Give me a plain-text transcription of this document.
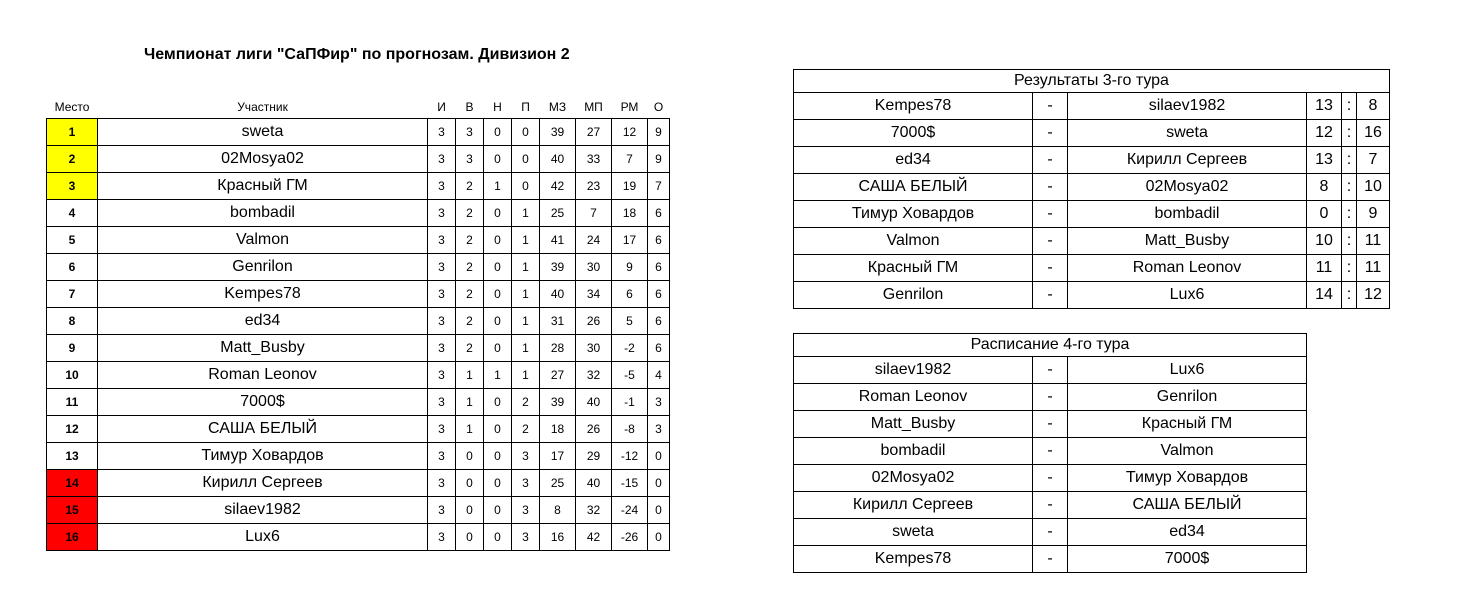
Чемпионат лиги "СаПФир" по прогнозам. Дивизион 2
Место	Участник	И	В	Н	П	МЗ	МП	РМ	О
1	sweta	3	3	0	0	39	27	12	9
2	02Mosya02	3	3	0	0	40	33	7	9
3	Красный ГМ	3	2	1	0	42	23	19	7
4	bombadil	3	2	0	1	25	7	18	6
5	Valmon	3	2	0	1	41	24	17	6
6	Genrilon	3	2	0	1	39	30	9	6
7	Kempes78	3	2	0	1	40	34	6	6
8	ed34	3	2	0	1	31	26	5	6
9	Matt_Busby	3	2	0	1	28	30	-2	6
10	Roman Leonov	3	1	1	1	27	32	-5	4
11	7000$	3	1	0	2	39	40	-1	3
12	САША БЕЛЫЙ	3	1	0	2	18	26	-8	3
13	Тимур Ховардов	3	0	0	3	17	29	-12	0
14	Кирилл Сергеев	3	0	0	3	25	40	-15	0
15	silaev1982	3	0	0	3	8	32	-24	0
16	Lux6	3	0	0	3	16	42	-26	0
Результаты 3-го тура					
Kempes78	-	silaev1982	13	:	8
7000$	-	sweta	12	:	16
ed34	-	Кирилл Сергеев	13	:	7
САША БЕЛЫЙ	-	02Mosya02	8	:	10
Тимур Ховардов	-	bombadil	0	:	9
Valmon	-	Matt_Busby	10	:	11
Красный ГМ	-	Roman Leonov	11	:	11
Genrilon	-	Lux6	14	:	12
Расписание 4-го тура		
silaev1982	-	Lux6
Roman Leonov	-	Genrilon
Matt_Busby	-	Красный ГМ
bombadil	-	Valmon
02Mosya02	-	Тимур Ховардов
Кирилл Сергеев	-	САША БЕЛЫЙ
sweta	-	ed34
Kempes78	-	7000$
